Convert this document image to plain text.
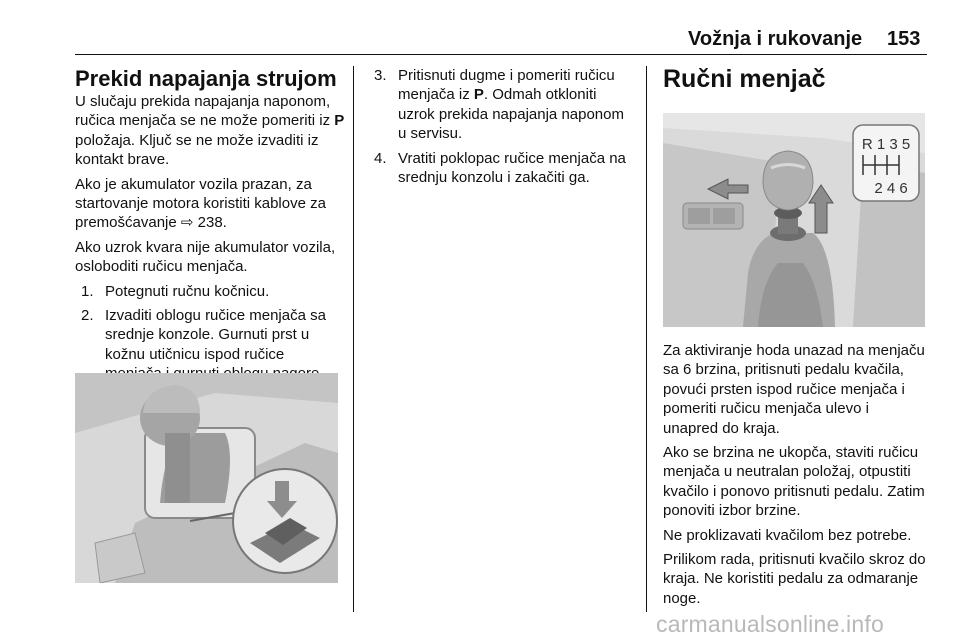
Vožnja i rukovanje 153
Prekid napajanja strujom

U slučaju prekida napajanja naponom, ručica menjača se ne može pomeriti iz P položaja. Ključ se ne može izvaditi iz kontakt brave.

Ako je akumulator vozila prazan, za startovanje motora koristiti kablove za premošćavanje ⇨ 238.

Ako uzrok kvara nije akumulator vozila, osloboditi ručicu menjača.

1. Potegnuti ručnu kočnicu.
2. Izvaditi oblogu ručice menjača sa srednje konzole. Gurnuti prst u kožnu utičnicu ispod ručice
3. Pritisnuti dugme i pomeriti ručicu menjača iz P. Odmah otkloniti uzrok prekida napajanja naponom u servisu.
4. Vratiti poklopac ručice menjača na srednju konzolu i zakačiti ga.
Ručni menjač
R 1 3 5
2 4 6

Za aktiviranje hoda unazad na menjaču sa 6 brzina, pritisnuti pedalu kvačila, povući prsten ispod ručice menjača i pomeriti ručicu menjača ulevo i unapred do kraja.

Ako se brzina ne ukopča, staviti ručicu menjača u neutralan položaj, otpustiti kvačilo i ponovo pritisnuti pedalu. Zatim ponoviti izbor brzine.

Ne proklizavati kvačilom bez potrebe.

Prilikom rada, pritisnuti kvačilo skroz do kraja. Ne koristiti pedalu za odmaranje noge.

carmanualsonline.info
